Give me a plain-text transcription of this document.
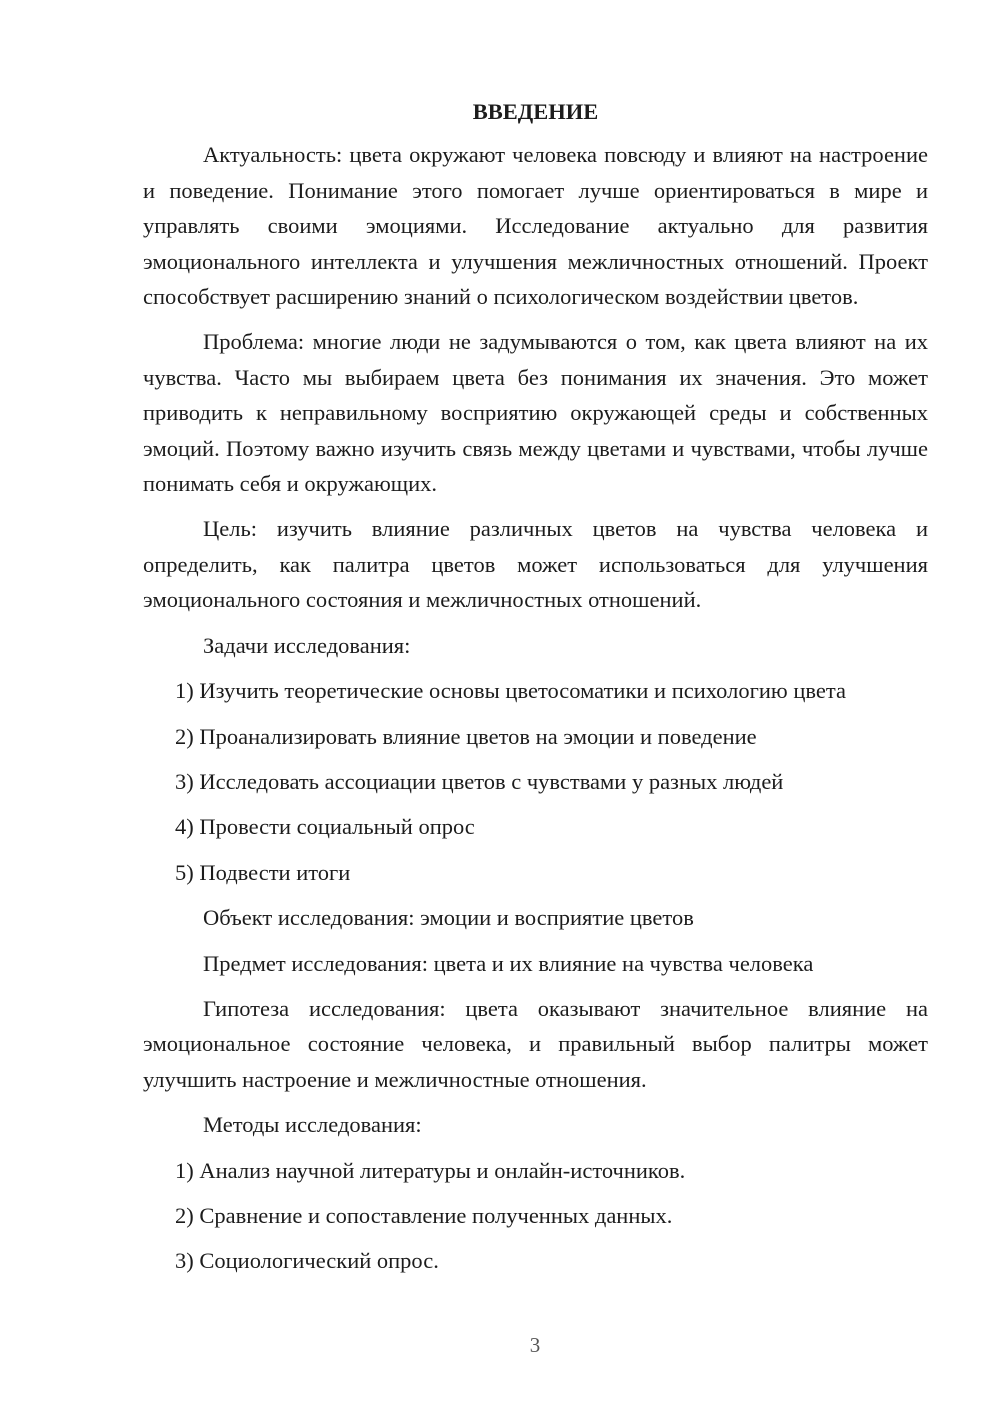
ВВЕДЕНИЕ

Актуальность: цвета окружают человека повсюду и влияют на настроение и поведение. Понимание этого помогает лучше ориентироваться в мире и управлять своими эмоциями. Исследование актуально для развития эмоционального интеллекта и улучшения межличностных отношений. Проект способствует расширению знаний о психологическом воздействии цветов.

Проблема: многие люди не задумываются о том, как цвета влияют на их чувства. Часто мы выбираем цвета без понимания их значения. Это может приводить к неправильному восприятию окружающей среды и собственных эмоций. Поэтому важно изучить связь между цветами и чувствами, чтобы лучше понимать себя и окружающих.

Цель: изучить влияние различных цветов на чувства человека и определить, как палитра цветов может использоваться для улучшения эмоционального состояния и межличностных отношений.

Задачи исследования:
1) Изучить теоретические основы цветосоматики и психологию цвета
2) Проанализировать влияние цветов на эмоции и поведение
3) Исследовать ассоциации цветов с чувствами у разных людей
4) Провести социальный опрос
5) Подвести итоги
Объект исследования: эмоции и восприятие цветов
Предмет исследования: цвета и их влияние на чувства человека

Гипотеза исследования: цвета оказывают значительное влияние на эмоциональное состояние человека, и правильный выбор палитры может улучшить настроение и межличностные отношения.

Методы исследования:
1) Анализ научной литературы и онлайн-источников.
2) Сравнение и сопоставление полученных данных.
3) Социологический опрос.
3
